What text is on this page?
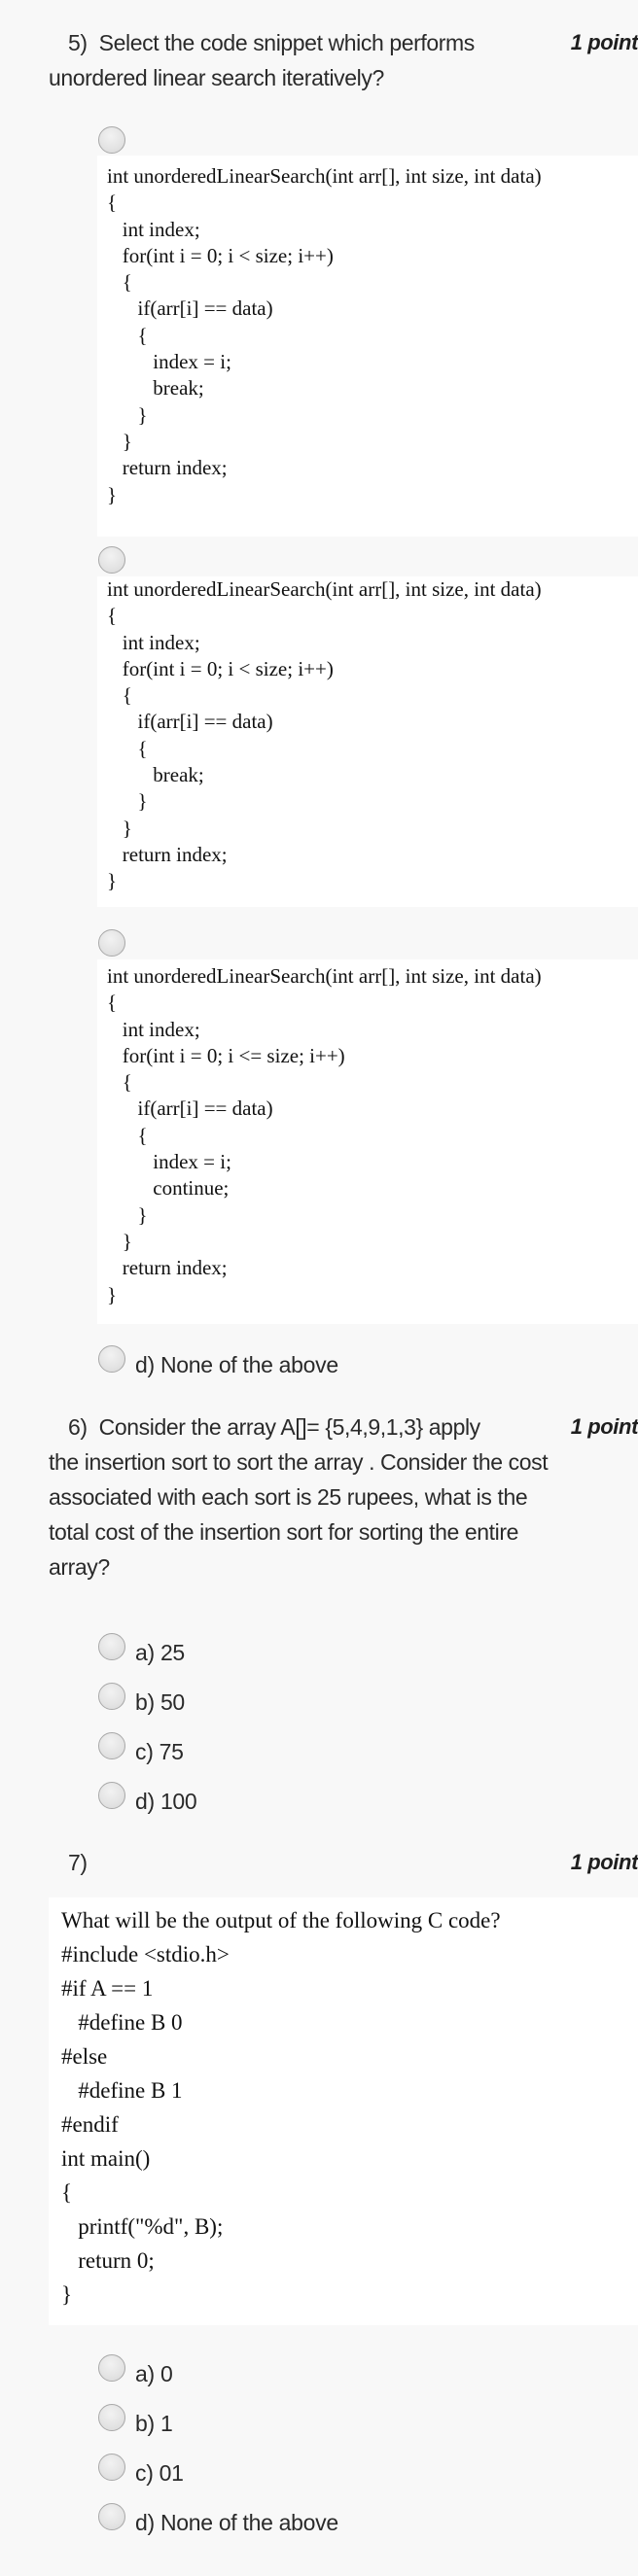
5) Select the code snippet which performs	1 point
unordered linear search iteratively?
int unorderedLinearSearch(int arr[], int size, int data)
{
int index;
for(int i = 0; i < size; i++)
{
if(arr[i] == data)
{
index = i;
break;
}
}
return index;
}
int unorderedLinearSearch(int arr[], int size, int data)
{
int index;
for(int i = 0; i < size; i++)
{
if(arr[i] == data)
{
break;
}
}
return index;
}
int unorderedLinearSearch(int arr[], int size, int data)
{
int index;
for(int i = 0; i <= size; i++)
{
if(arr[i] == data)
{
index = i;
continue;
}
}
return index;
}
d) None of the above
6) Consider the array A[]= {5,4,9,1,3} apply	1 point
the insertion sort to sort the array . Consider the cost
associated with each sort is 25 rupees, what is the
total cost of the insertion sort for sorting the entire
array?
a) 25
b) 50
c) 75
d) 100
7)	1 point
What will be the output of the following C code?
#include <stdio.h>
#if A == 1
#define B 0
#else
#define B 1
#endif
int main()
{
printf("%d", B);
return 0;
}
a) 0
b) 1
c) 01
d) None of the above
